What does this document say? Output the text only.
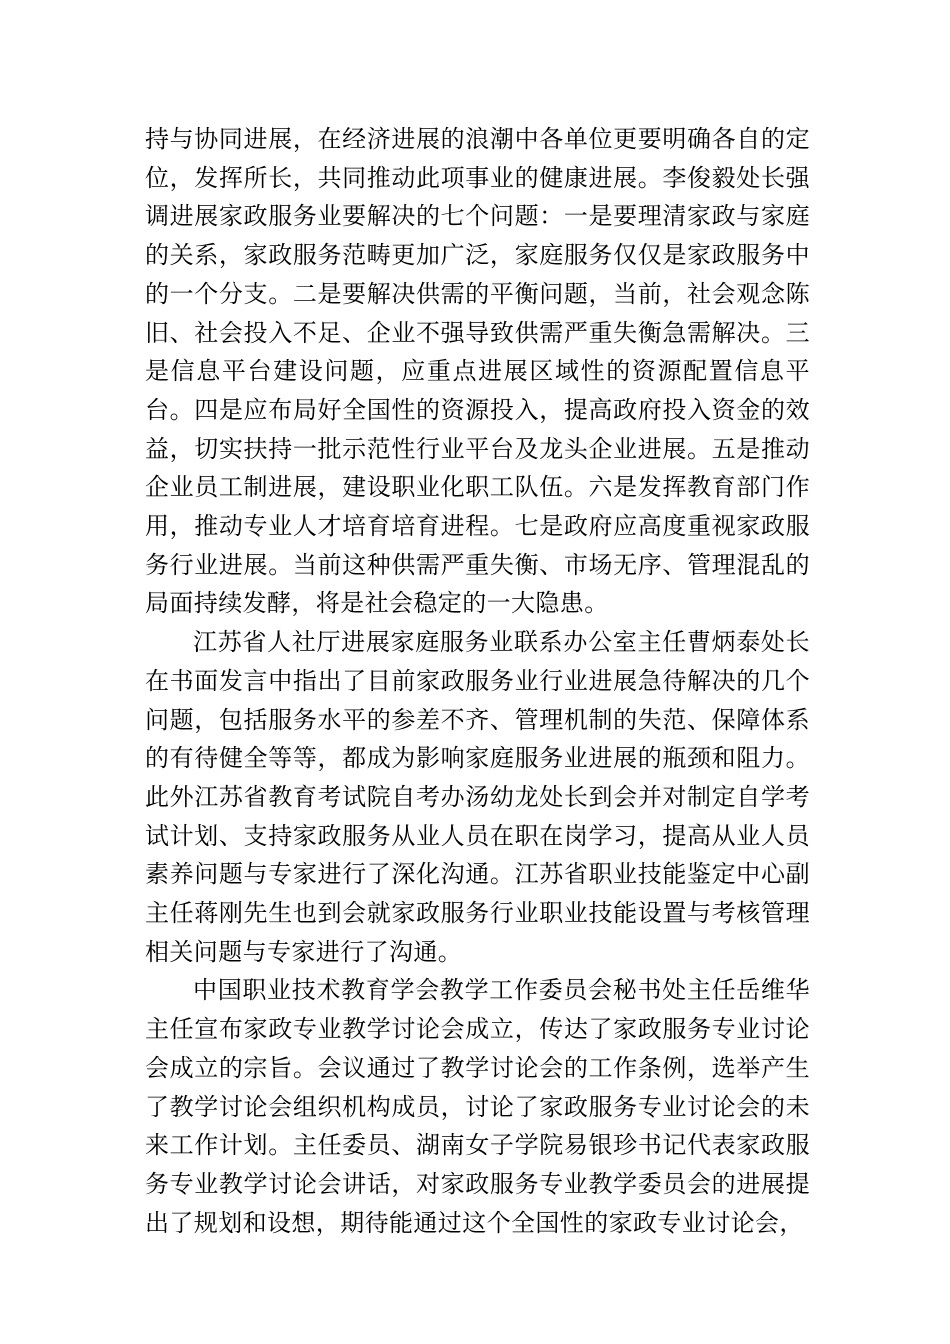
持与协同进展，在经济进展的浪潮中各单位更要明确各自的定位，发挥所长，共同推动此项事业的健康进展。李俊毅处长强调进展家政服务业要解决的七个问题：一是要理清家政与家庭的关系，家政服务范畴更加广泛，家庭服务仅仅是家政服务中的一个分支。二是要解决供需的平衡问题，当前，社会观念陈旧、社会投入不足、企业不强导致供需严重失衡急需解决。三是信息平台建设问题，应重点进展区域性的资源配置信息平台。四是应布局好全国性的资源投入，提高政府投入资金的效益，切实扶持一批示范性行业平台及龙头企业进展。五是推动企业员工制进展，建设职业化职工队伍。六是发挥教育部门作用，推动专业人才培育培育进程。七是政府应高度重视家政服务行业进展。当前这种供需严重失衡、市场无序、管理混乱的局面持续发酵，将是社会稳定的一大隐患。

江苏省人社厅进展家庭服务业联系办公室主任曹炳泰处长在书面发言中指出了目前家政服务业行业进展急待解决的几个问题，包括服务水平的参差不齐、管理机制的失范、保障体系的有待健全等等，都成为影响家庭服务业进展的瓶颈和阻力。此外江苏省教育考试院自考办汤幼龙处长到会并对制定自学考试计划、支持家政服务从业人员在职在岗学习，提高从业人员素养问题与专家进行了深化沟通。江苏省职业技能鉴定中心副主任蒋刚先生也到会就家政服务行业职业技能设置与考核管理相关问题与专家进行了沟通。

中国职业技术教育学会教学工作委员会秘书处主任岳维华主任宣布家政专业教学讨论会成立，传达了家政服务专业讨论会成立的宗旨。会议通过了教学讨论会的工作条例，选举产生了教学讨论会组织机构成员，讨论了家政服务专业讨论会的未来工作计划。主任委员、湖南女子学院易银珍书记代表家政服务专业教学讨论会讲话，对家政服务专业教学委员会的进展提出了规划和设想，期待能通过这个全国性的家政专业讨论会，
